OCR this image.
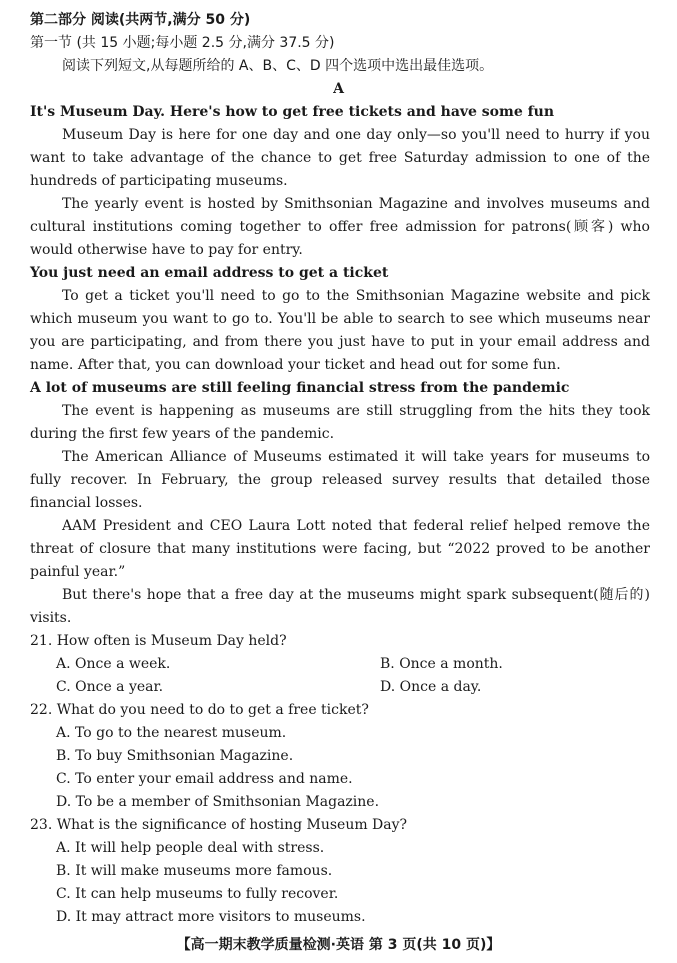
第二部分 阅读(共两节,满分 50 分)
第一节 (共 15 小题;每小题 2.5 分,满分 37.5 分)
阅读下列短文,从每题所给的 A、B、C、D 四个选项中选出最佳选项。
A
It's Museum Day. Here's how to get free tickets and have some fun
Museum Day is here for one day and one day only—so you'll need to hurry if you
want to take advantage of the chance to get free Saturday admission to one of the
hundreds of participating museums.
The yearly event is hosted by Smithsonian Magazine and involves museums and
cultural institutions coming together to offer free admission for patrons(顾客) who
would otherwise have to pay for entry.
You just need an email address to get a ticket
To get a ticket you'll need to go to the Smithsonian Magazine website and pick
which museum you want to go to. You'll be able to search to see which museums near
you are participating, and from there you just have to put in your email address and
name. After that, you can download your ticket and head out for some fun.
A lot of museums are still feeling financial stress from the pandemic
The event is happening as museums are still struggling from the hits they took
during the first few years of the pandemic.
The American Alliance of Museums estimated it will take years for museums to
fully recover. In February, the group released survey results that detailed those
financial losses.
AAM President and CEO Laura Lott noted that federal relief helped remove the
threat of closure that many institutions were facing, but “2022 proved to be another
painful year.”
But there's hope that a free day at the museums might spark subsequent(随后的)
visits.
21. How often is Museum Day held?
A. Once a week.	B. Once a month.
C. Once a year.	D. Once a day.
22. What do you need to do to get a free ticket?
A. To go to the nearest museum.
B. To buy Smithsonian Magazine.
C. To enter your email address and name.
D. To be a member of Smithsonian Magazine.
23. What is the significance of hosting Museum Day?
A. It will help people deal with stress.
B. It will make museums more famous.
C. It can help museums to fully recover.
D. It may attract more visitors to museums.
【高一期末教学质量检测·英语 第 3 页(共 10 页)】
